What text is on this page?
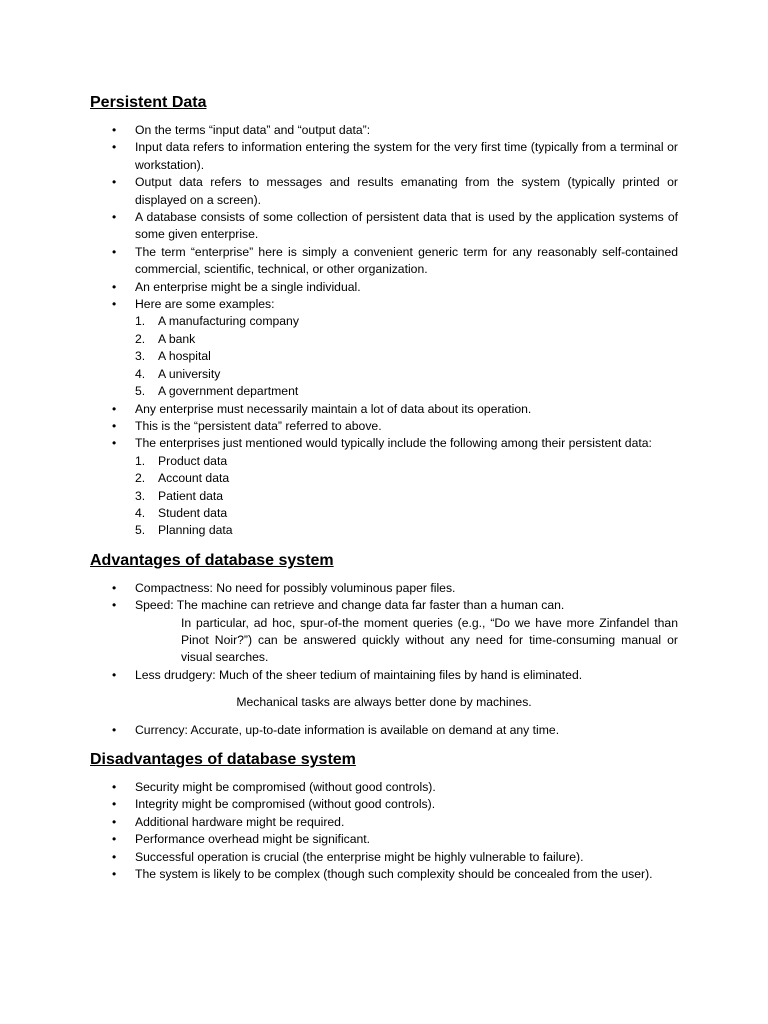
Persistent Data
• On the terms “input data” and “output data”:
• Input data refers to information entering the system for the very first time (typically from a terminal or workstation).
• Output data refers to messages and results emanating from the system (typically printed or displayed on a screen).
• A database consists of some collection of persistent data that is used by the application systems of some given enterprise.
• The term “enterprise” here is simply a convenient generic term for any reasonably self-contained commercial, scientific, technical, or other organization.
• An enterprise might be a single individual.
• Here are some examples:
1. A manufacturing company
2. A bank
3. A hospital
4. A university
5. A government department
• Any enterprise must necessarily maintain a lot of data about its operation.
• This is the “persistent data” referred to above.
• The enterprises just mentioned would typically include the following among their persistent data:
1. Product data
2. Account data
3. Patient data
4. Student data
5. Planning data
Advantages of database system
• Compactness: No need for possibly voluminous paper files.
• Speed: The machine can retrieve and change data far faster than a human can.
In particular, ad hoc, spur-of-the moment queries (e.g., “Do we have more Zinfandel than Pinot Noir?”) can be answered quickly without any need for time-consuming manual or visual searches.
• Less drudgery: Much of the sheer tedium of maintaining files by hand is eliminated.
Mechanical tasks are always better done by machines.
• Currency: Accurate, up-to-date information is available on demand at any time.
Disadvantages of database system
• Security might be compromised (without good controls).
• Integrity might be compromised (without good controls).
• Additional hardware might be required.
• Performance overhead might be significant.
• Successful operation is crucial (the enterprise might be highly vulnerable to failure).
• The system is likely to be complex (though such complexity should be concealed from the user).
